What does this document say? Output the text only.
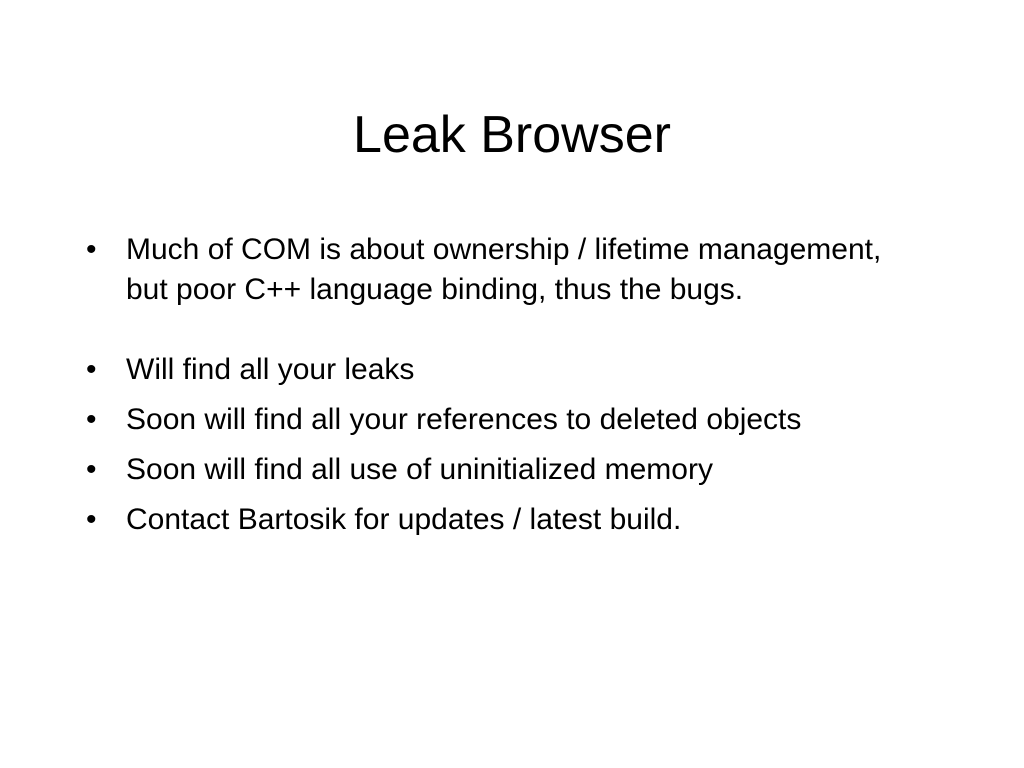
Leak Browser
• Much of COM is about ownership / lifetime management, but poor C++ language binding, thus the bugs.
• Will find all your leaks
• Soon will find all your references to deleted objects
• Soon will find all use of uninitialized memory
• Contact Bartosik for updates / latest build.
